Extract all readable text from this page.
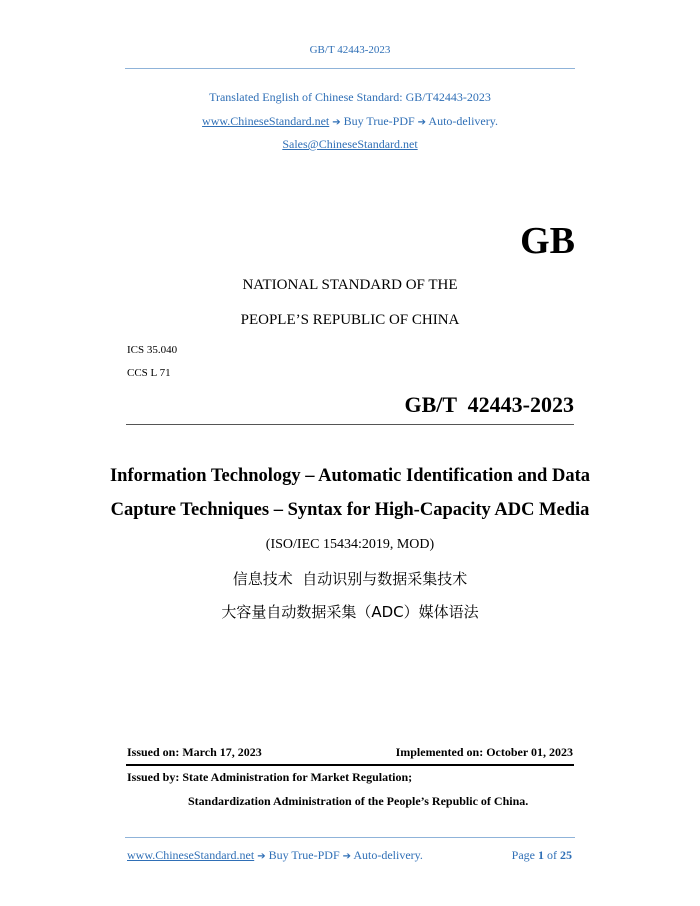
GB/T 42443-2023
Translated English of Chinese Standard: GB/T42443-2023
www.ChineseStandard.net ➔ Buy True-PDF ➔ Auto-delivery.
Sales@ChineseStandard.net
GB
NATIONAL STANDARD OF THE
PEOPLE’S REPUBLIC OF CHINA
ICS 35.040
CCS L 71
GB/T  42443-2023
Information Technology – Automatic Identification and Data
Capture Techniques – Syntax for High-Capacity ADC Media
(ISO/IEC 15434:2019, MOD)
信息技术  自动识别与数据采集技术
大容量自动数据采集（ADC）媒体语法
Issued on: March 17, 2023	Implemented on: October 01, 2023
Issued by: State Administration for Market Regulation;
Standardization Administration of the People’s Republic of China.
www.ChineseStandard.net ➔ Buy True-PDF ➔ Auto-delivery.	Page 1 of 25
